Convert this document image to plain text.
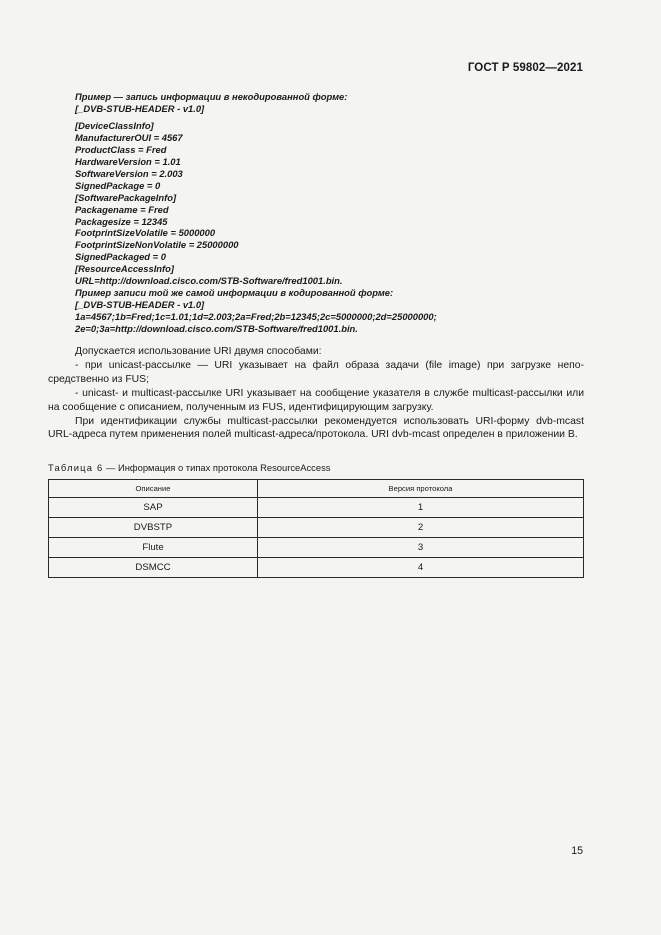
ГОСТ Р 59802—2021
Пример — запись информации в некодированной форме:
[_DVB-STUB-HEADER - v1.0]
[DeviceClassInfo]
ManufacturerOUI = 4567
ProductClass = Fred
HardwareVersion = 1.01
SoftwareVersion = 2.003
SignedPackage = 0
[SoftwarePackageInfo]
Packagename = Fred
Packagesize = 12345
FootprintSizeVolatile = 5000000
FootprintSizeNonVolatile = 25000000
SignedPackaged = 0
[ResourceAccessInfo]
URL=http://download.cisco.com/STB-Software/fred1001.bin.
Пример записи той же самой информации в кодированной форме:
[_DVB-STUB-HEADER - v1.0]
1a=4567;1b=Fred;1c=1.01;1d=2.003;2a=Fred;2b=12345;2c=5000000;2d=25000000;
2e=0;3a=http://download.cisco.com/STB-Software/fred1001.bin.

Допускается использование URI двумя способами:

- при unicast-рассылке — URI указывает на файл образа задачи (file image) при загрузке непосредственно из FUS;

- unicast- и multicast-рассылке URI указывает на сообщение указателя в службе multicast-рассылки или на сообщение с описанием, полученным из FUS, идентифицирующим загрузку.

При идентификации службы multicast-рассылки рекомендуется использовать URI-форму dvb-mcast URL-адреса путем применения полей multicast-адреса/протокола. URI dvb-mcast определен в приложении В.

Таблица 6 — Информация о типах протокола ResourceAccess
Описание	Версия протокола
SAP	1
DVBSTP	2
Flute	3
DSMCC	4
15
